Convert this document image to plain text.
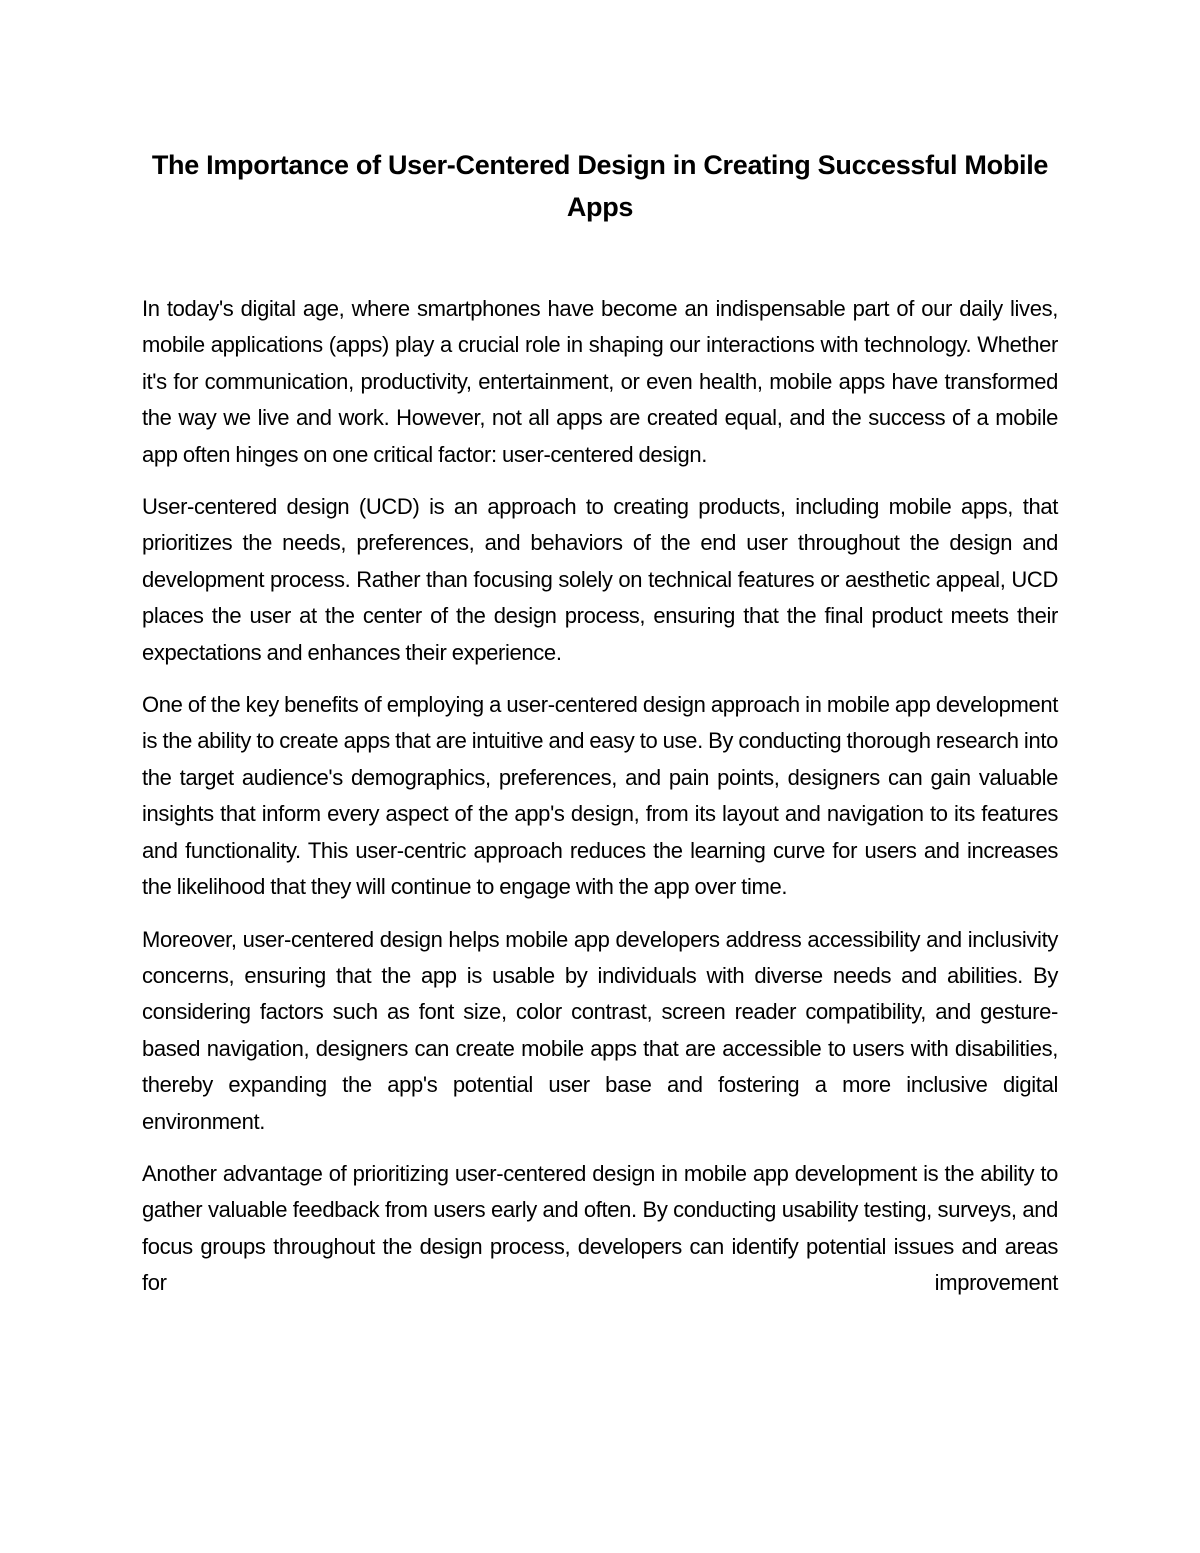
The Importance of User-Centered Design in Creating Successful Mobile Apps

In today's digital age, where smartphones have become an indispensable part of our daily lives, mobile applications (apps) play a crucial role in shaping our interactions with technology. Whether it's for communication, productivity, entertainment, or even health, mobile apps have transformed the way we live and work. However, not all apps are created equal, and the success of a mobile app often hinges on one critical factor: user-centered design.

User-centered design (UCD) is an approach to creating products, including mobile apps, that prioritizes the needs, preferences, and behaviors of the end user throughout the design and development process. Rather than focusing solely on technical features or aesthetic appeal, UCD places the user at the center of the design process, ensuring that the final product meets their expectations and enhances their experience.

One of the key benefits of employing a user-centered design approach in mobile app development is the ability to create apps that are intuitive and easy to use. By conducting thorough research into the target audience's demographics, preferences, and pain points, designers can gain valuable insights that inform every aspect of the app's design, from its layout and navigation to its features and functionality. This user-centric approach reduces the learning curve for users and increases the likelihood that they will continue to engage with the app over time.

Moreover, user-centered design helps mobile app developers address accessibility and inclusivity concerns, ensuring that the app is usable by individuals with diverse needs and abilities. By considering factors such as font size, color contrast, screen reader compatibility, and gesture-based navigation, designers can create mobile apps that are accessible to users with disabilities, thereby expanding the app's potential user base and fostering a more inclusive digital environment.

Another advantage of prioritizing user-centered design in mobile app development is the ability to gather valuable feedback from users early and often. By conducting usability testing, surveys, and focus groups throughout the design process, developers can identify potential issues and areas for improvement
